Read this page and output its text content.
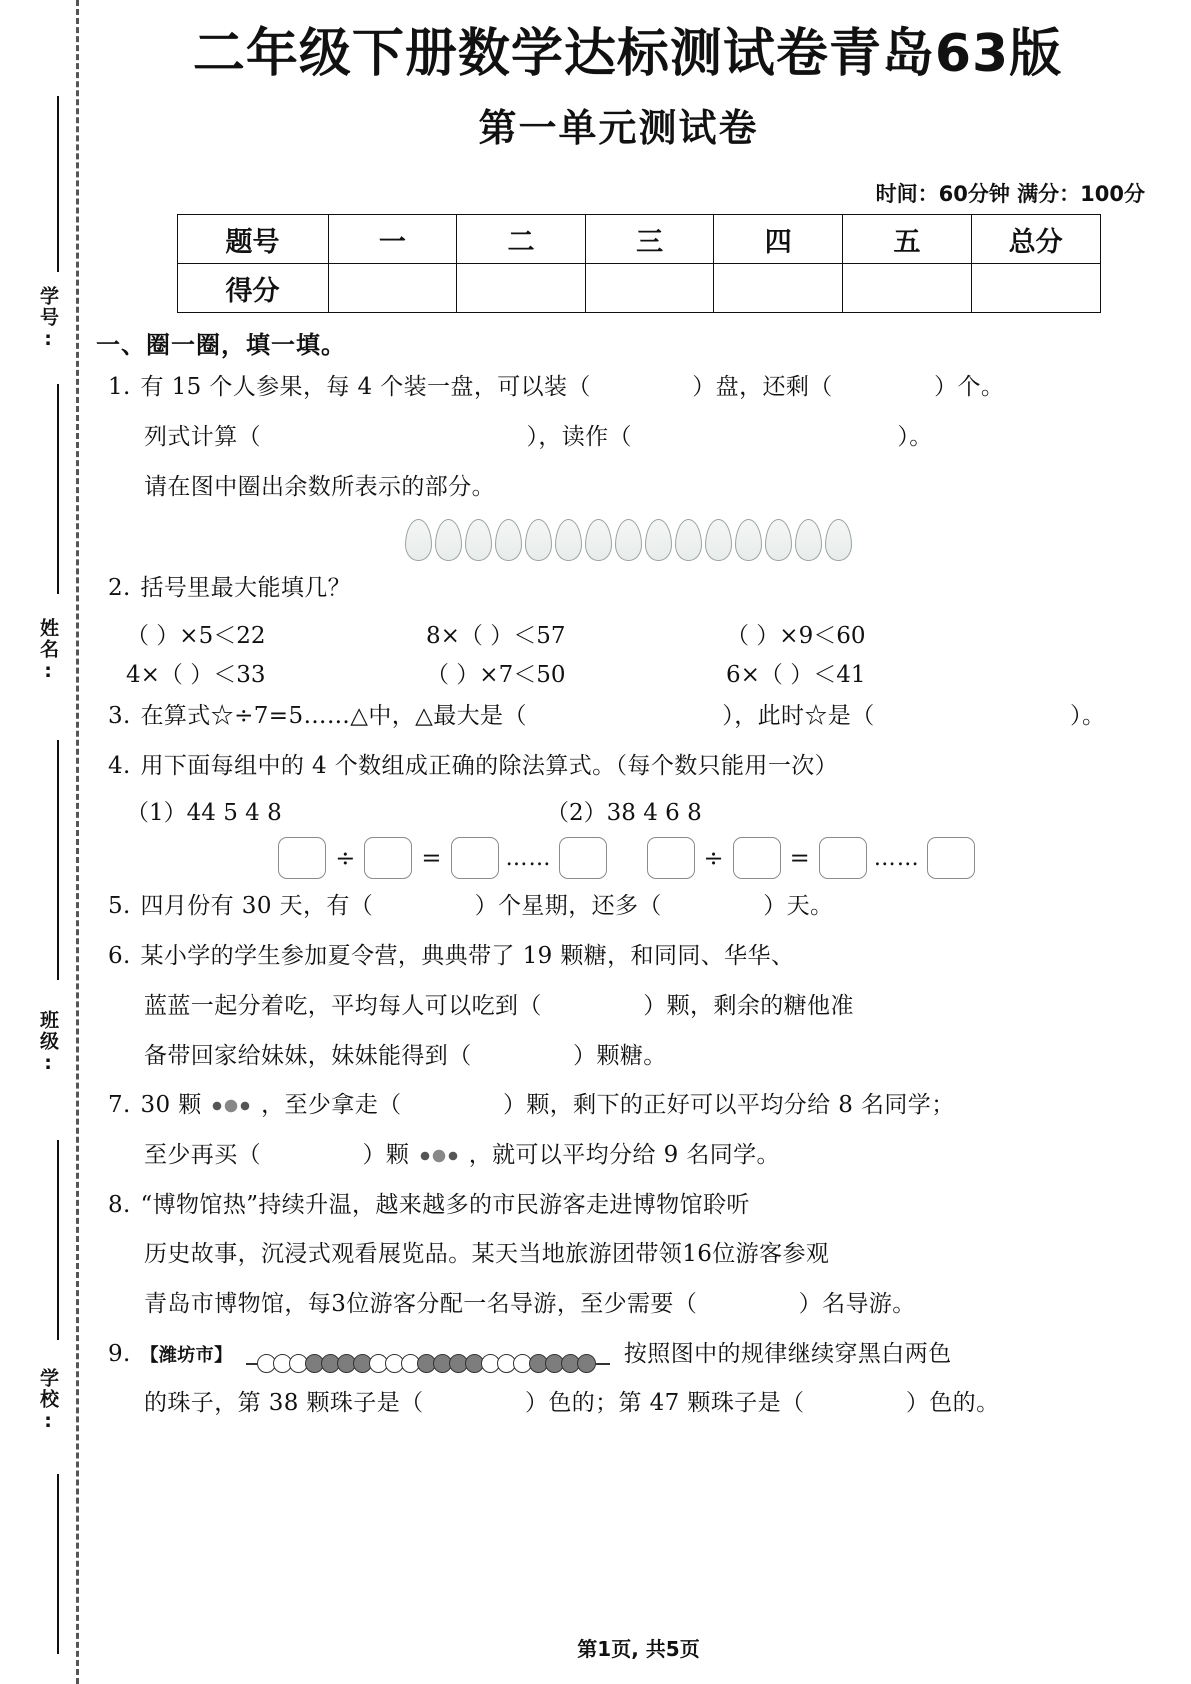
学号:
姓名:
班级:
学校:
二年级下册数学达标测试卷青岛63版
第一单元测试卷
时间：60分钟 满分：100分
题号	一	二	三	四	五	总分
得分						
一、圈一圈，填一填。
1. 有 15 个人参果，每 4 个装一盘，可以装（	）盘，还剩（	）个。
列式计算（	），读作（	）。
请在图中圈出余数所表示的部分。
2. 括号里最大能填几？
（ ）×5＜22	8×（ ）＜57	（ ）×9＜60
4×（ ）＜33	（ ）×7＜50	6×（ ）＜41
3. 在算式☆÷7=5……△中，△最大是（	），此时☆是（	）。
4. 用下面每组中的 4 个数组成正确的除法算式。（每个数只能用一次）
（1）44 5 4 8	（2）38 4 6 8
÷	=	……	÷	=	……
5. 四月份有 30 天，有（	）个星期，还多（	）天。
6. 某小学的学生参加夏令营，典典带了 19 颗糖，和同同、华华、
蓝蓝一起分着吃，平均每人可以吃到（	）颗，剩余的糖他准
备带回家给妹妹，妹妹能得到（	）颗糖。
7. 30 颗	，至少拿走（	）颗，剩下的正好可以平均分给 8 名同学；
至少再买（	）颗	，就可以平均分给 9 名同学。
8. “博物馆热”持续升温，越来越多的市民游客走进博物馆聆听
历史故事，沉浸式观看展览品。某天当地旅游团带领16位游客参观
青岛市博物馆，每3位游客分配一名导游，至少需要（	）名导游。
9. 【潍坊市】	按照图中的规律继续穿黑白两色
的珠子，第 38 颗珠子是（	）色的；第 47 颗珠子是（	）色的。
第1页, 共5页
